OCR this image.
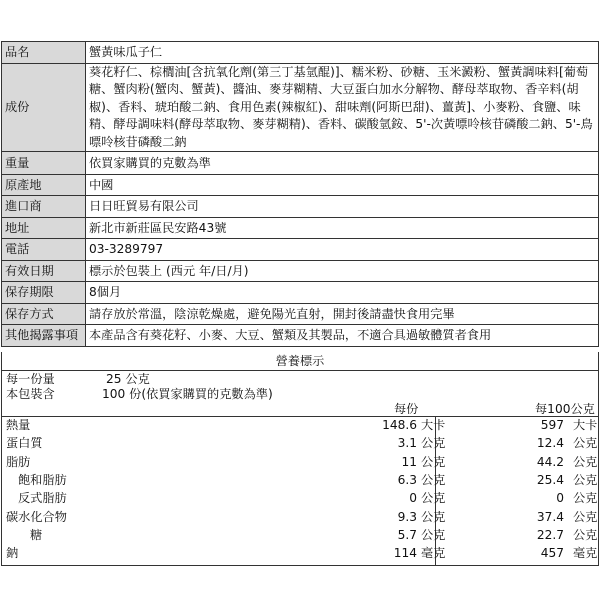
品名	蟹黃味瓜子仁
成份	葵花籽仁、棕櫚油[含抗氧化劑(第三丁基氫醌)]、糯米粉、砂糖、玉米澱粉、蟹黃調味料[葡萄糖、蟹肉粉(蟹肉、蟹黃)、醬油、麥芽糊精、大豆蛋白加水分解物、酵母萃取物、香辛料(胡椒)、香料、琥珀酸二鈉、食用色素(辣椒紅)、甜味劑(阿斯巴甜)、薑黃]、小麥粉、食鹽、味精、酵母調味料(酵母萃取物、麥芽糊精)、香料、碳酸氫銨、5'-次黃嘌呤核苷磷酸二鈉、5'-鳥嘌呤核苷磷酸二鈉
重量	依買家購買的克數為準
原產地	中國
進口商	日日旺貿易有限公司
地址	新北市新莊區民安路43號
電話	03-3289797
有效日期	標示於包裝上 (西元 年/日/月)
保存期限	8個月
保存方式	請存放於常溫，陰涼乾燥處，避免陽光直射，開封後請盡快食用完畢
其他揭露事項	本產品含有葵花籽、小麥、大豆、蟹類及其製品，不適合具過敏體質者食用
營養標示
每一份量	25 公克
本包裝含	100 份(依買家購買的克數為準)
每份	每100公克
熱量	148.6 大卡	597 大卡
蛋白質	3.1 公克	12.4 公克
脂肪	11 公克	44.2 公克
飽和脂肪	6.3 公克	25.4 公克
反式脂肪	0 公克	0 公克
碳水化合物	9.3 公克	37.4 公克
糖	5.7 公克	22.7 公克
鈉	114 毫克	457 毫克
